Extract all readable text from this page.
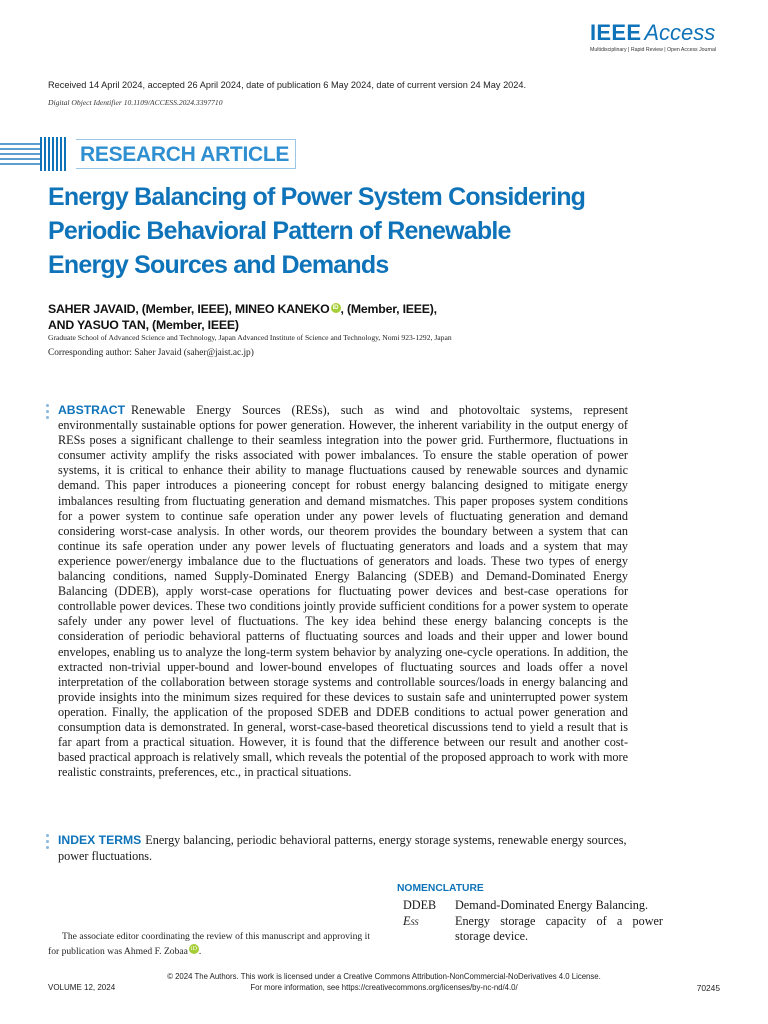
IEEE Access
Multidisciplinary | Rapid Review | Open Access Journal
Received 14 April 2024, accepted 26 April 2024, date of publication 6 May 2024, date of current version 24 May 2024.
Digital Object Identifier 10.1109/ACCESS.2024.3397710
RESEARCH ARTICLE
Energy Balancing of Power System Considering
Periodic Behavioral Pattern of Renewable
Energy Sources and Demands
SAHER JAVAID, (Member, IEEE), MINEO KANEKO iD , (Member, IEEE),
AND YASUO TAN, (Member, IEEE)
Graduate School of Advanced Science and Technology, Japan Advanced Institute of Science and Technology, Nomi 923-1292, Japan
Corresponding author: Saher Javaid (saher@jaist.ac.jp)
ABSTRACT Renewable Energy Sources (RESs), such as wind and photovoltaic systems, represent environmentally sustainable options for power generation. However, the inherent variability in the output energy of RESs poses a significant challenge to their seamless integration into the power grid. Furthermore, fluctuations in consumer activity amplify the risks associated with power imbalances. To ensure the stable operation of power systems, it is critical to enhance their ability to manage fluctuations caused by renewable sources and dynamic demand. This paper introduces a pioneering concept for robust energy balancing designed to mitigate energy imbalances resulting from fluctuating generation and demand mismatches. This paper proposes system conditions for a power system to continue safe operation under any power levels of fluctuating generation and demand considering worst-case analysis. In other words, our theorem provides the boundary between a system that can continue its safe operation under any power levels of fluctuating generators and loads and a system that may experience power/energy imbalance due to the fluctuations of generators and loads. These two types of energy balancing conditions, named Supply-Dominated Energy Balancing (SDEB) and Demand-Dominated Energy Balancing (DDEB), apply worst-case operations for fluctuating power devices and best-case operations for controllable power devices. These two conditions jointly provide sufficient conditions for a power system to operate safely under any power level of fluctuations. The key idea behind these energy balancing concepts is the consideration of periodic behavioral patterns of fluctuating sources and loads and their upper and lower bound envelopes, enabling us to analyze the long-term system behavior by analyzing one-cycle operations. In addition, the extracted non-trivial upper-bound and lower-bound envelopes of fluctuating sources and loads offer a novel interpretation of the collaboration between storage systems and controllable sources/loads in energy balancing and provide insights into the minimum sizes required for these devices to sustain safe and uninterrupted power system operation. Finally, the application of the proposed SDEB and DDEB conditions to actual power generation and consumption data is demonstrated. In general, worst-case-based theoretical discussions tend to yield a result that is far apart from a practical situation. However, it is found that the difference between our result and another cost-based practical approach is relatively small, which reveals the potential of the proposed approach to work with more realistic constraints, preferences, etc., in practical situations.
INDEX TERMS Energy balancing, periodic behavioral patterns, energy storage systems, renewable energy sources, power fluctuations.
The associate editor coordinating the review of this manuscript and approving it for publication was Ahmed F. Zobaa iD .
NOMENCLATURE
DDEB	Demand-Dominated Energy Balancing.
ESS	Energy storage capacity of a power storage device.
VOLUME 12, 2024
© 2024 The Authors. This work is licensed under a Creative Commons Attribution-NonCommercial-NoDerivatives 4.0 License.
For more information, see https://creativecommons.org/licenses/by-nc-nd/4.0/	70245
